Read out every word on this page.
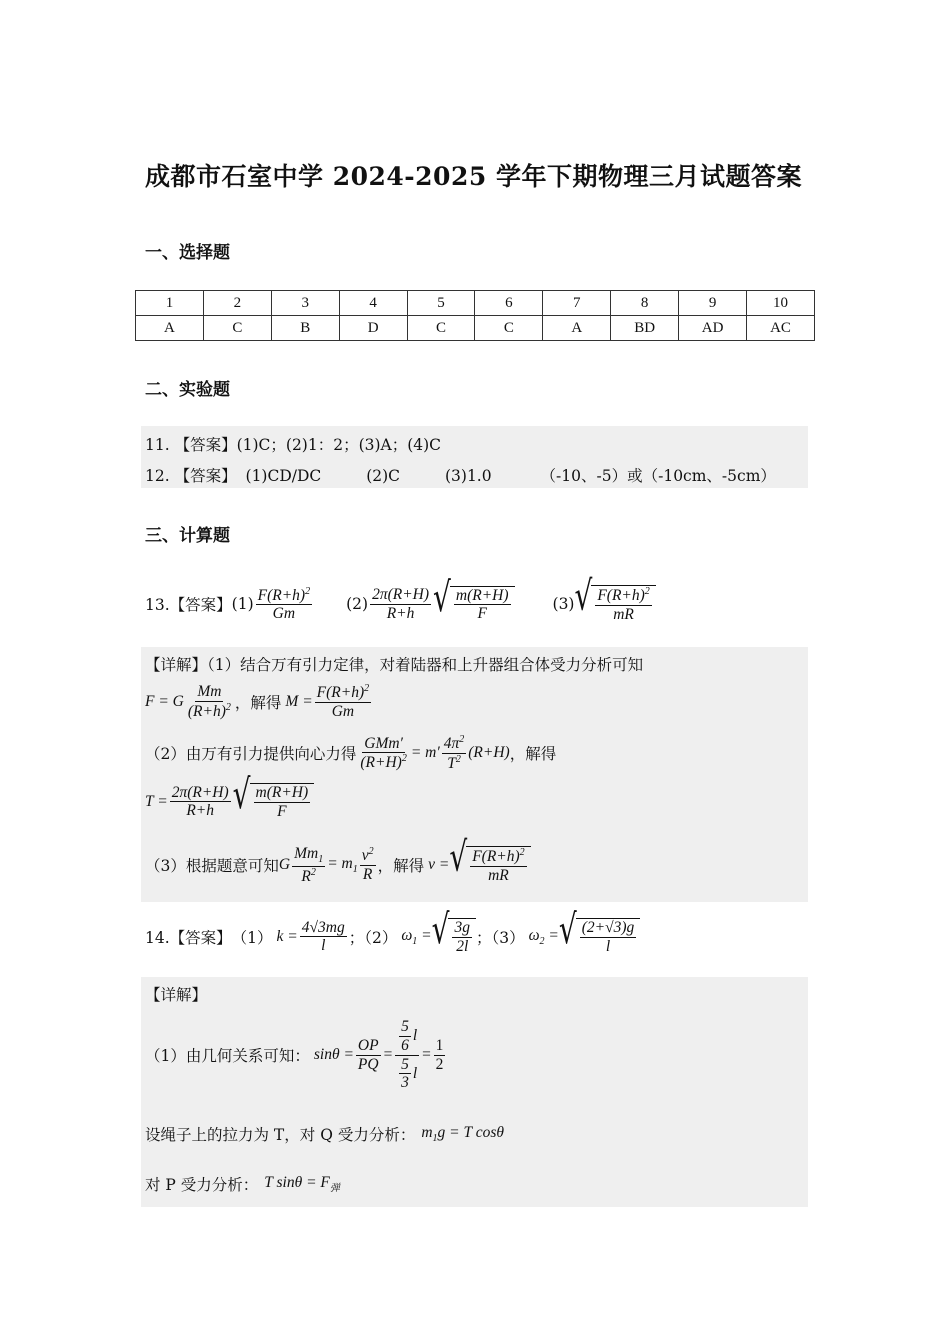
成都市石室中学 2024-2025 学年下期物理三月试题答案
一、选择题
1	2	3	4	5	6	7	8	9	10
A	C	B	D	C	C	A	BD	AD	AC
二、实验题
11. 【答案】(1)C；(2)1：2；(3)A；(4)C
12. 【答案】 (1)CD/DC	(2)C	(3)1.0	（-10、-5）或（-10cm、-5cm）
三、计算题
13.【答案】 $(1) \frac{F(R+h)^2}{Gm} (2) \frac{2\pi(R+H)}{R+h}$ √ $\frac{m(R+H)}{F}$	(3) √ $\frac{F(R+h)^2}{mR}$
【详解】（1）结合万有引力定律，对着陆器和上升器组合体受力分析可知
F = G $\frac{Mm}{(R+h)^2}$ ，解得 $M = \frac{F(R+h)^2}{Gm}$
（2）由万有引力提供向心力得 $\frac{\text{GMm′}}{(R+H)^2} = m' \frac{4\pi^2}{T^2} (R+H)$ ，解得
$T = \frac{2\pi(R+H)}{R+h}$ √ $\frac{m(R+H)}{F}$
（3）根据题意可知 G $\frac{Mm_1}{R^2} = m_1 \frac{v^2}{R}$ ，解得 v = √ $\frac{F(R+h)^2}{mR}$
14.【答案】 （1） $k = \frac{4√3mg}{l}$ ；（2） $\omega_1$ = √ $\frac{3g}{2l}$ ；（3） $\omega_2$ = √ $\frac{(2+√3)g}{l}$
【详解】
（1）由几何关系可知： $\sin\theta = \frac{OP}{PQ} = \frac{\frac{5}{6} l}{\frac{5}{3} l} = \frac{1}{2}$
设绳子上的拉力为 T，对 Q 受力分析： $m_1g = T$ cosθ
对 P 受力分析： T $\sin\theta = F_弹$
